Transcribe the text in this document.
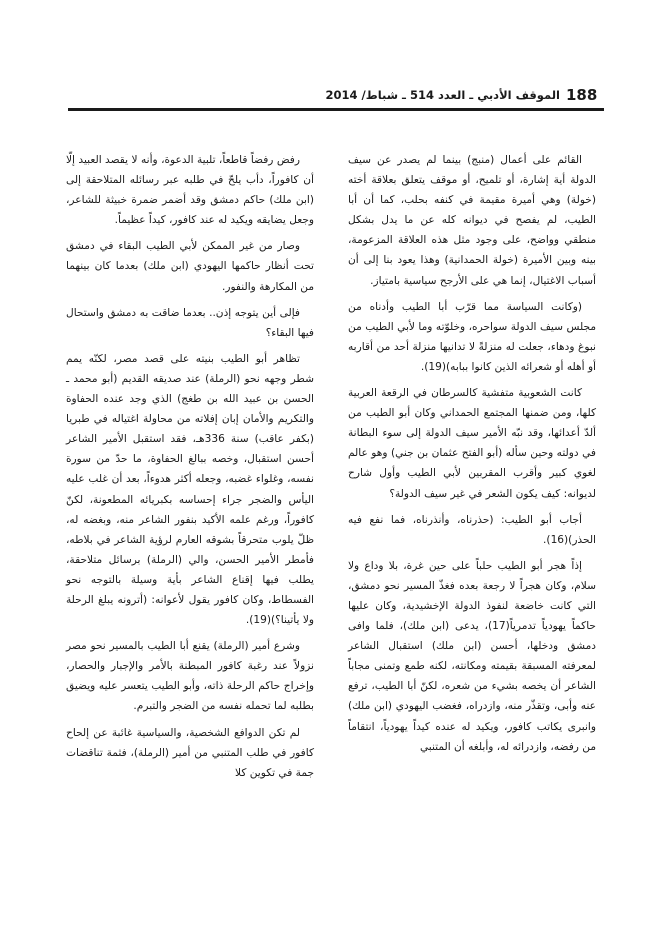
188
الموقف الأدبي ـ العدد 514 ـ شباط/ 2014

القائم على أعمال (منبج) بينما لم يصدر عن سيف الدولة أية إشارة، أو تلميح، أو موقف يتعلق بعلاقة أخته (خولة) وهي أميرة مقيمة في كنفه بحلب، كما أن أبا الطيب، لم يفصح في ديوانه كله عن ما يدل بشكل منطقي وواضح، على وجود مثل هذه العلاقة المزعومة، بينه وبين الأميرة (خولة الحمدانية) وهذا يعود بنا إلى أن أسباب الاغتيال، إنما هي على الأرجح سياسية بامتياز.

(وكانت السياسة مما قرّب أبا الطيب وأدناه من مجلس سيف الدولة سواحره، وخلوّته وما لأبي الطيب من نبوغ ودهاء، جعلت له منزلةً لا تدانيها منزلة أحد من أقاربه أو أهله أو شعرائه الذين كانوا ببابه)(19).

كانت الشعوبية متفشية كالسرطان في الرقعة العربية كلها، ومن ضمنها المجتمع الحمداني وكان أبو الطيب من ألدّ أعدائها، وقد نبّه الأمير سيف الدولة إلى سوء البطانة في دولته وحين سأله (أبو الفتح عثمان بن جني) وهو عالم لغوي كبير وأقرب المقربين لأبي الطيب وأول شارح لديوانه: كيف يكون الشعر في غير سيف الدولة؟

أجاب أبو الطيب: (حذرناه، وأنذرناه، فما نفع فيه الحذر)(16).

إذاً هجر أبو الطيب حلباً على حين غرة، بلا وداع ولا سلام، وكان هجراً لا رجعة بعده فغذّ المسير نحو دمشق، التي كانت خاضعة لنفوذ الدولة الإخشيدية، وكان عليها حاكماً يهودياً تدمرياً(17)، يدعى (ابن ملك)، فلما وافى دمشق ودخلها، أحسن (ابن ملك) استقبال الشاعر لمعرفته المسبقة بقيمته ومكانته، لكنه طمع وتمنى مجاباً الشاعر أن يخصه بشيء من شعره، لكنّ أبا الطيب، ترفع عنه وأبى، وتقذّر منه، وازدراه، فغضب اليهودي (ابن ملك) وانبرى يكاتب كافور، ويكيد له عنده كيداً يهودياً، انتقاماً من رفضه، وازدرائه له، وأبلغه أن المتنبي

رفض رفضاً قاطعاً، تلبية الدعوة، وأنه لا يقصد العبيد إلّا أن كافوراً، دأب يلحّ في طلبه عبر رسائله المتلاحقة إلى (ابن ملك) حاكم دمشق وقد أضمر ضمرة خبيثة للشاعر، وجعل يضايقه ويكيد له عند كافور، كيداً عظيماً.

وصار من غير الممكن لأبي الطيب البقاء في دمشق تحت أنظار حاكمها اليهودي (ابن ملك) بعدما كان بينهما من المكارهة والنفور.

فإلى أين يتوجه إذن.. بعدما ضاقت به دمشق واستحال فيها البقاء؟

تظاهر أبو الطيب بنيته على قصد مصر، لكنّه يمم شطر وجهه نحو (الرملة) عند صديقه القديم (أبو محمد ـ الحسن بن عبيد الله بن طغج) الذي وجد عنده الحفاوة والتكريم والأمان إبان إفلاته من محاولة اغتياله في طبريا (بكفر عاقب) سنة 336هـ، فقد استقبل الأمير الشاعر أحسن استقبال، وخصه ببالغ الحفاوة، ما حدّ من سورة نفسه، وغلواء غضبه، وجعله أكثر هدوءاً، بعد أن غلب عليه اليأس والضجر جراء إحساسه بكبريائه المطعونة، لكنّ كافوراً، ورغم علمه الأكيد بنفور الشاعر منه، وبغضه له، ظلّ يلوب متحرقاً بشوقه العارم لرؤية الشاعر في بلاطه، فأمطر الأمير الحسن، والي (الرملة) برسائل متلاحقة، يطلب فيها إقناع الشاعر بأية وسيلة بالتوجه نحو الفسطاط، وكان كافور يقول لأعوانه: (أترونه يبلغ الرحلة ولا يأتينا؟)(19).

وشرع أمير (الرملة) يقنع أبا الطيب بالمسير نحو مصر نزولاً عند رغبة كافور المبطنة بالأمر والإجبار والحصار، وإخراج حاكم الرحلة ذاته، وأبو الطيب يتعسر عليه ويضيق بطلبه لما تحمله نفسه من الضجر والتبرم.

لم تكن الدوافع الشخصية، والسياسية غائبة عن إلحاح كافور في طلب المتنبي من أمير (الرملة)، فثمة تناقضات جمة في تكوين كلا
